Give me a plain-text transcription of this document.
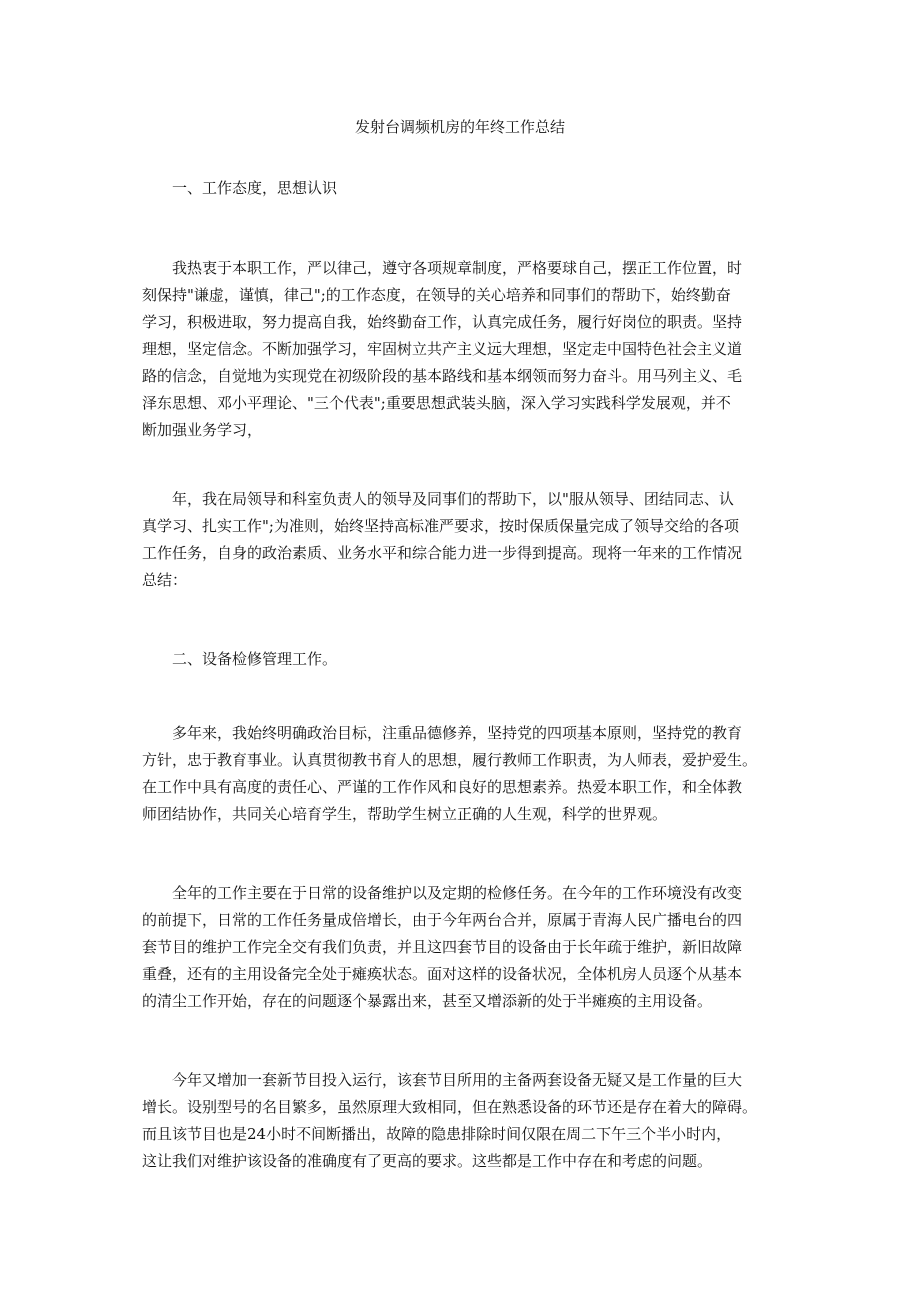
发射台调频机房的年终工作总结
一、工作态度，思想认识
我热衷于本职工作，严以律己，遵守各项规章制度，严格要球自己，摆正工作位置，时
刻保持"谦虚，谨慎，律己";的工作态度，在领导的关心培养和同事们的帮助下，始终勤奋
学习，积极进取，努力提高自我，始终勤奋工作，认真完成任务，履行好岗位的职责。坚持
理想，坚定信念。不断加强学习，牢固树立共产主义远大理想，坚定走中国特色社会主义道
路的信念，自觉地为实现党在初级阶段的基本路线和基本纲领而努力奋斗。用马列主义、毛
泽东思想、邓小平理论、"三个代表";重要思想武装头脑，深入学习实践科学发展观，并不
断加强业务学习，
年，我在局领导和科室负责人的领导及同事们的帮助下，以"服从领导、团结同志、认
真学习、扎实工作";为准则，始终坚持高标准严要求，按时保质保量完成了领导交给的各项
工作任务，自身的政治素质、业务水平和综合能力进一步得到提高。现将一年来的工作情况
总结：
二、设备检修管理工作。
多年来，我始终明确政治目标，注重品德修养，坚持党的四项基本原则，坚持党的教育
方针，忠于教育事业。认真贯彻教书育人的思想，履行教师工作职责，为人师表，爱护爱生。
在工作中具有高度的责任心、严谨的工作作风和良好的思想素养。热爱本职工作，和全体教
师团结协作，共同关心培育学生，帮助学生树立正确的人生观，科学的世界观。
全年的工作主要在于日常的设备维护以及定期的检修任务。在今年的工作环境没有改变
的前提下，日常的工作任务量成倍增长，由于今年两台合并，原属于青海人民广播电台的四
套节目的维护工作完全交有我们负责，并且这四套节目的设备由于长年疏于维护，新旧故障
重叠，还有的主用设备完全处于瘫痪状态。面对这样的设备状况，全体机房人员逐个从基本
的清尘工作开始，存在的问题逐个暴露出来，甚至又增添新的处于半瘫痪的主用设备。
今年又增加一套新节目投入运行，该套节目所用的主备两套设备无疑又是工作量的巨大
增长。设别型号的名目繁多，虽然原理大致相同，但在熟悉设备的环节还是存在着大的障碍。
而且该节目也是24小时不间断播出，故障的隐患排除时间仅限在周二下午三个半小时内，
这让我们对维护该设备的准确度有了更高的要求。这些都是工作中存在和考虑的问题。
